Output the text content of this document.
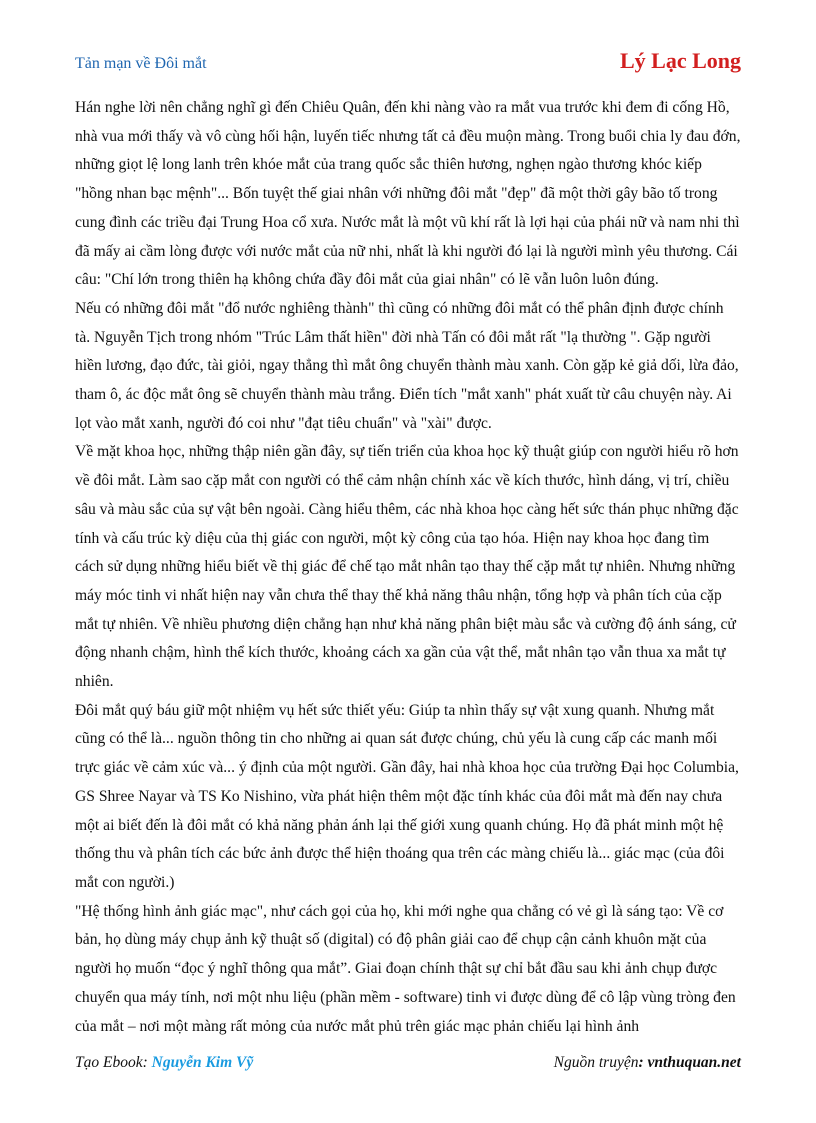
Tản mạn về Đôi mắt	Lý Lạc Long

Hán nghe lời nên chẳng nghĩ gì đến Chiêu Quân, đến khi nàng vào ra mắt vua trước khi đem đi cống Hồ, nhà vua mới thấy và vô cùng hối hận, luyến tiếc nhưng tất cả đều muộn màng. Trong buổi chia ly đau đớn, những giọt lệ long lanh trên khóe mắt của trang quốc sắc thiên hương, nghẹn ngào thương khóc kiếp "hồng nhan bạc mệnh"... Bốn tuyệt thế giai nhân với những đôi mắt "đẹp" đã một thời gây bão tố trong cung đình các triều đại Trung Hoa cổ xưa. Nước mắt là một vũ khí rất là lợi hại của phái nữ và nam nhi thì đã mấy ai cầm lòng được với nước mắt của nữ nhi, nhất là khi người đó lại là người mình yêu thương. Cái câu: "Chí lớn trong thiên hạ không chứa đầy đôi mắt của giai nhân" có lẽ vẫn luôn luôn đúng.

Nếu có những đôi mắt "đổ nước nghiêng thành" thì cũng có những đôi mắt có thể phân định được chính tà. Nguyễn Tịch trong nhóm "Trúc Lâm thất hiền" đời nhà Tấn có đôi mắt rất "lạ thường ". Gặp người hiền lương, đạo đức, tài giỏi, ngay thẳng thì mắt ông chuyển thành màu xanh. Còn gặp kẻ giả dối, lừa đảo, tham ô, ác độc mắt ông sẽ chuyển thành màu trắng. Điển tích "mắt xanh" phát xuất từ câu chuyện này. Ai lọt vào mắt xanh, người đó coi như "đạt tiêu chuẩn" và "xài" được.

Về mặt khoa học, những thập niên gần đây, sự tiến triển của khoa học kỹ thuật giúp con người hiểu rõ hơn về đôi mắt. Làm sao cặp mắt con người có thể cảm nhận chính xác về kích thước, hình dáng, vị trí, chiều sâu và màu sắc của sự vật bên ngoài. Càng hiểu thêm, các nhà khoa học càng hết sức thán phục những đặc tính và cấu trúc kỳ diệu của thị giác con người, một kỳ công của tạo hóa. Hiện nay khoa học đang tìm cách sử dụng những hiểu biết về thị giác để chế tạo mắt nhân tạo thay thế cặp mắt tự nhiên. Nhưng những máy móc tinh vi nhất hiện nay vẫn chưa thể thay thế khả năng thâu nhận, tổng hợp và phân tích của cặp mắt tự nhiên. Về nhiều phương diện chẳng hạn như khả năng phân biệt màu sắc và cường độ ánh sáng, cử động nhanh chậm, hình thể kích thước, khoảng cách xa gần của vật thể, mắt nhân tạo vẫn thua xa mắt tự nhiên.

Đôi mắt quý báu giữ một nhiệm vụ hết sức thiết yếu: Giúp ta nhìn thấy sự vật xung quanh. Nhưng mắt cũng có thể là... nguồn thông tin cho những ai quan sát được chúng, chủ yếu là cung cấp các manh mối trực giác về cảm xúc và... ý định của một người. Gần đây, hai nhà khoa học của trường Đại học Columbia, GS Shree Nayar và TS Ko Nishino, vừa phát hiện thêm một đặc tính khác của đôi mắt mà đến nay chưa một ai biết đến là đôi mắt có khả năng phản ánh lại thế giới xung quanh chúng. Họ đã phát minh một hệ thống thu và phân tích các bức ảnh được thể hiện thoáng qua trên các màng chiếu là... giác mạc (của đôi mắt con người.)

"Hệ thống hình ảnh giác mạc", như cách gọi của họ, khi mới nghe qua chẳng có vẻ gì là sáng tạo: Về cơ bản, họ dùng máy chụp ảnh kỹ thuật số (digital) có độ phân giải cao để chụp cận cảnh khuôn mặt của người họ muốn “đọc ý nghĩ thông qua mắt”. Giai đoạn chính thật sự chỉ bắt đầu sau khi ảnh chụp được chuyển qua máy tính, nơi một nhu liệu (phần mềm - software) tinh vi được dùng để cô lập vùng tròng đen của mắt – nơi một màng rất mỏng của nước mắt phủ trên giác mạc phản chiếu lại hình ảnh

Tạo Ebook: Nguyễn Kim Vỹ	Nguồn truyện: vnthuquan.net
